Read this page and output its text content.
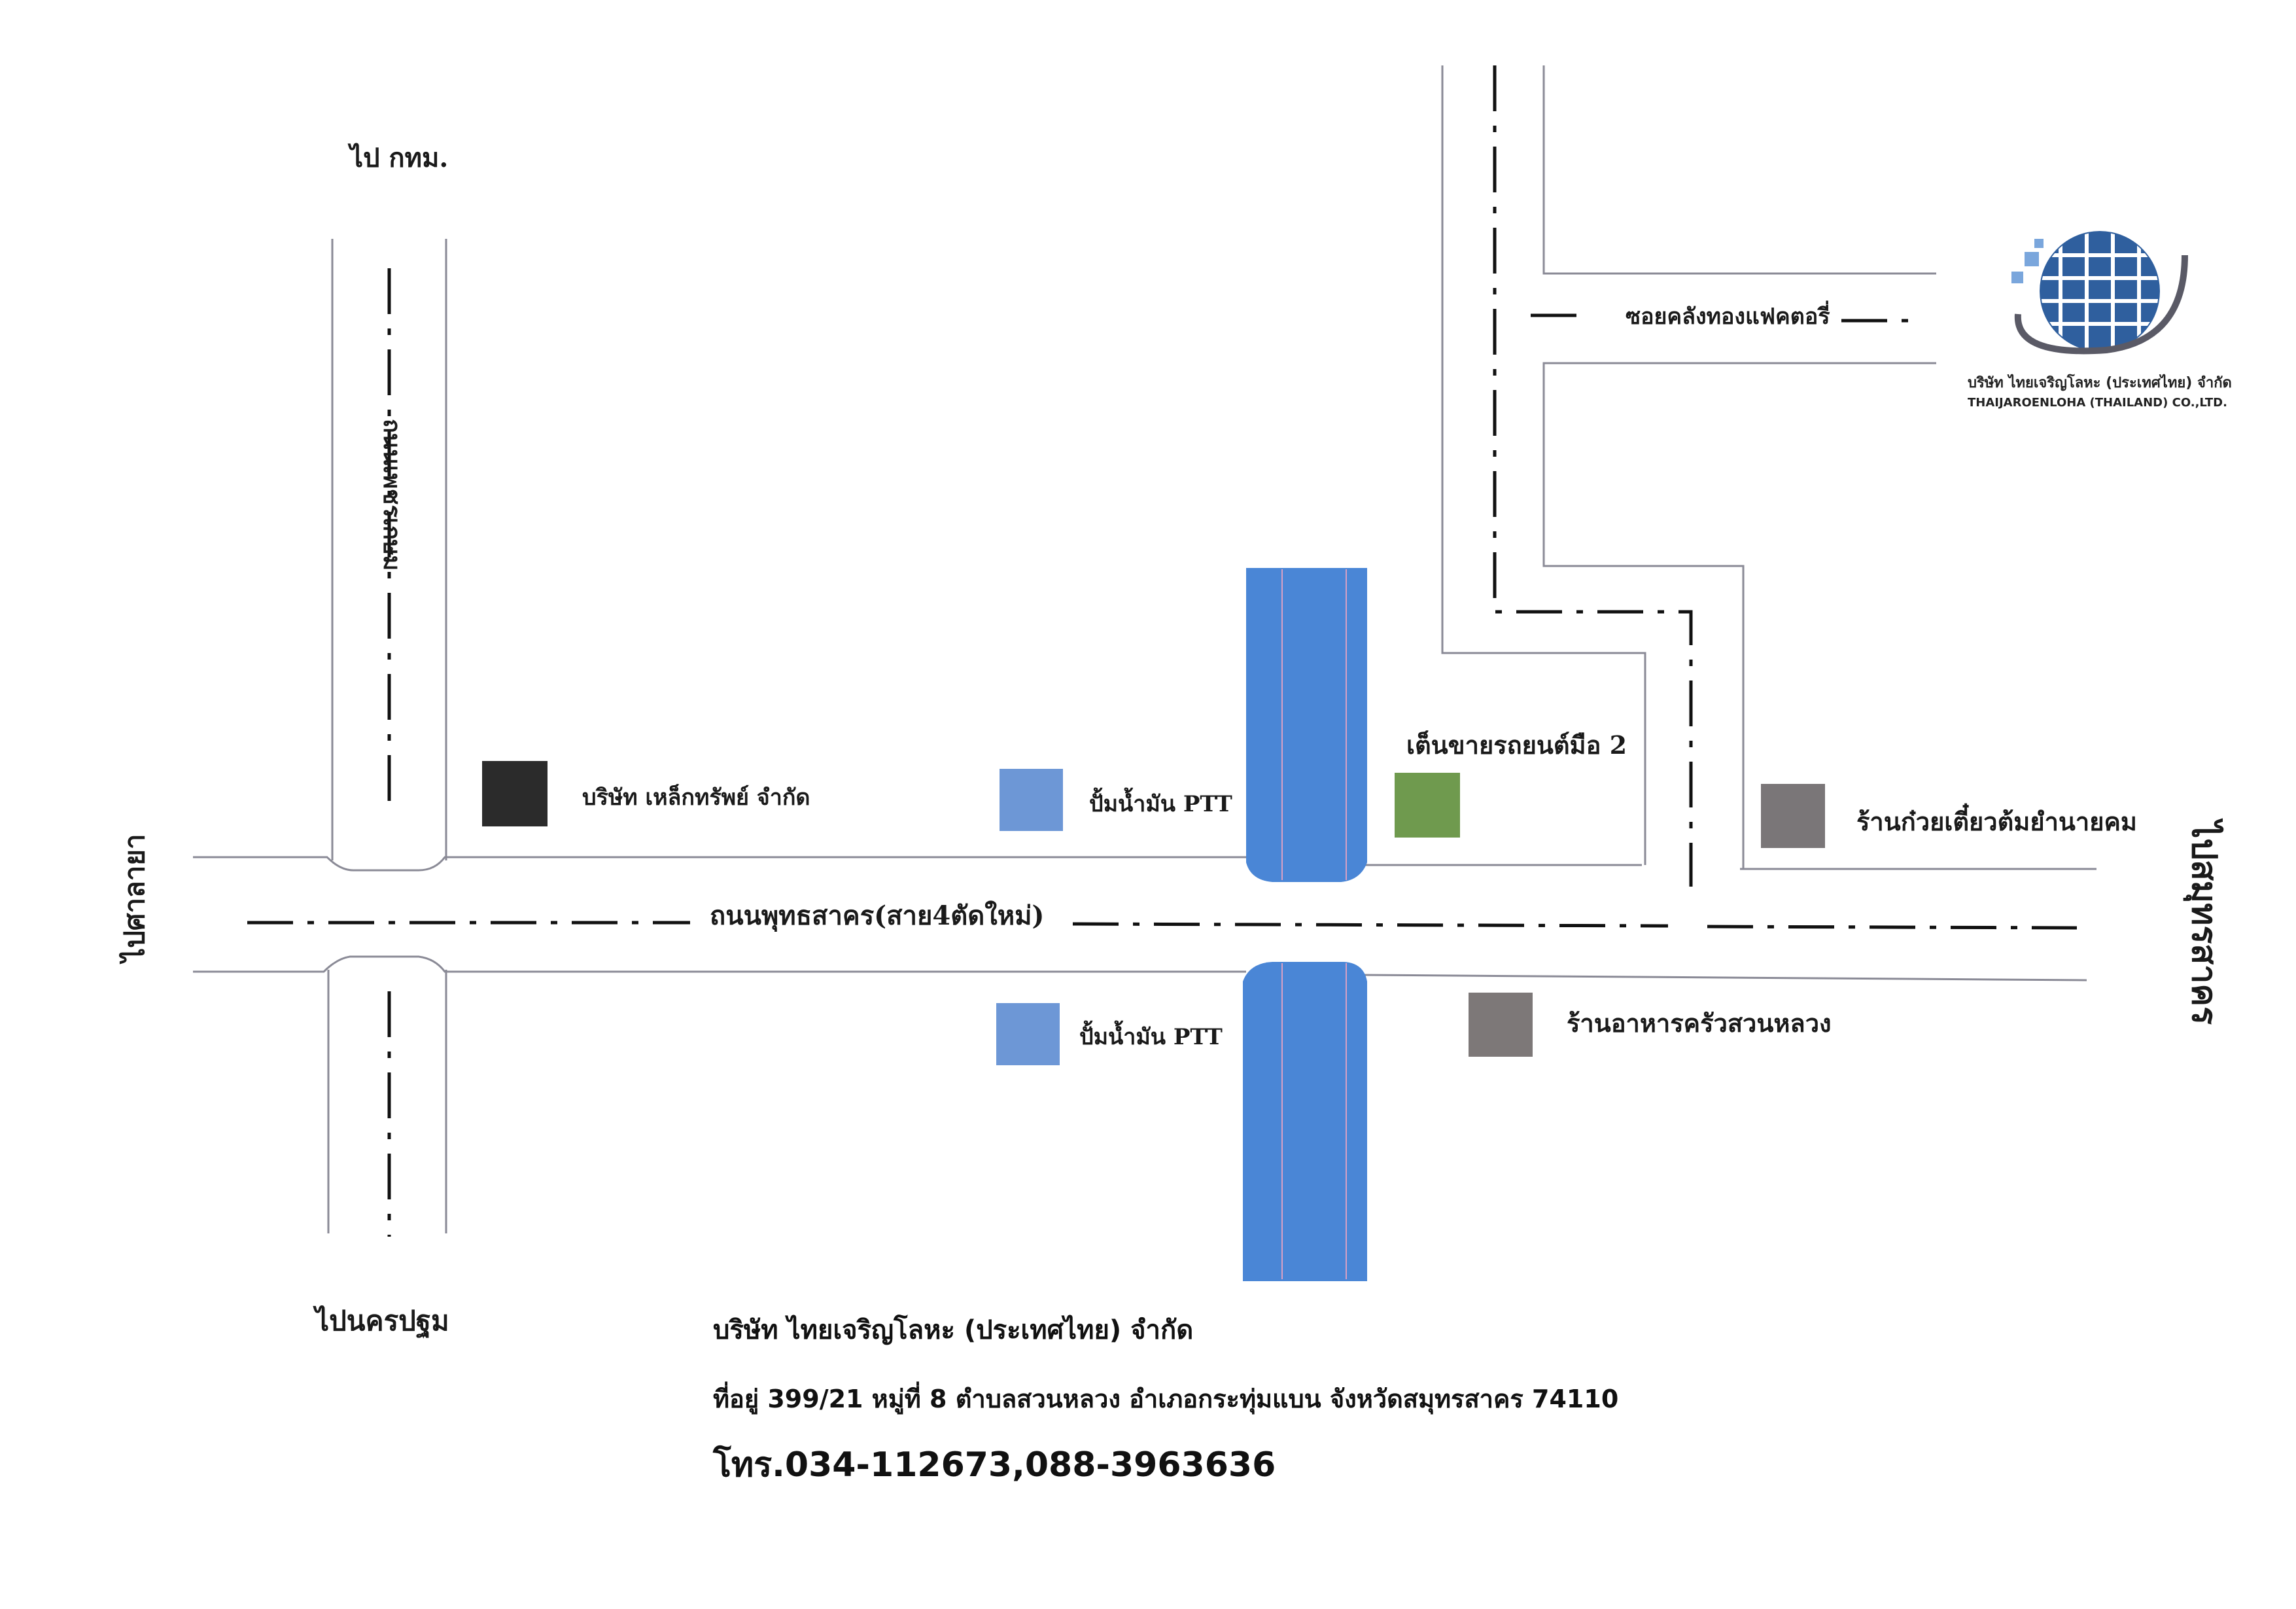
ไป กทม.
ไปนครปฐม
ไปศาลายา	ไปสมุทรสาคร
ถนนพุทธสาคร(สาย4ตัดใหม่)
ถนนเพชรเกษม
ซอยคลังทองแฟคตอรี่
บริษัท เหล็กทรัพย์ จำกัด	ปั้มน้ำมัน PTT
เต็นขายรถยนต์มือ 2
ร้านก๋วยเตี๋ยวต้มยำนายคม
ปั้มน้ำมัน PTT	ร้านอาหารครัวสวนหลวง
บริษัท ไทยเจริญโลหะ (ประเทศไทย) จำกัด
THAIJAROENLOHA (THAILAND) CO.,LTD.
บริษัท ไทยเจริญโลหะ (ประเทศไทย) จำกัด
ที่อยู่ 399/21 หมู่ที่ 8 ตำบลสวนหลวง อำเภอกระทุ่มแบน จังหวัดสมุทรสาคร 74110
โทร.034-112673,088-3963636
